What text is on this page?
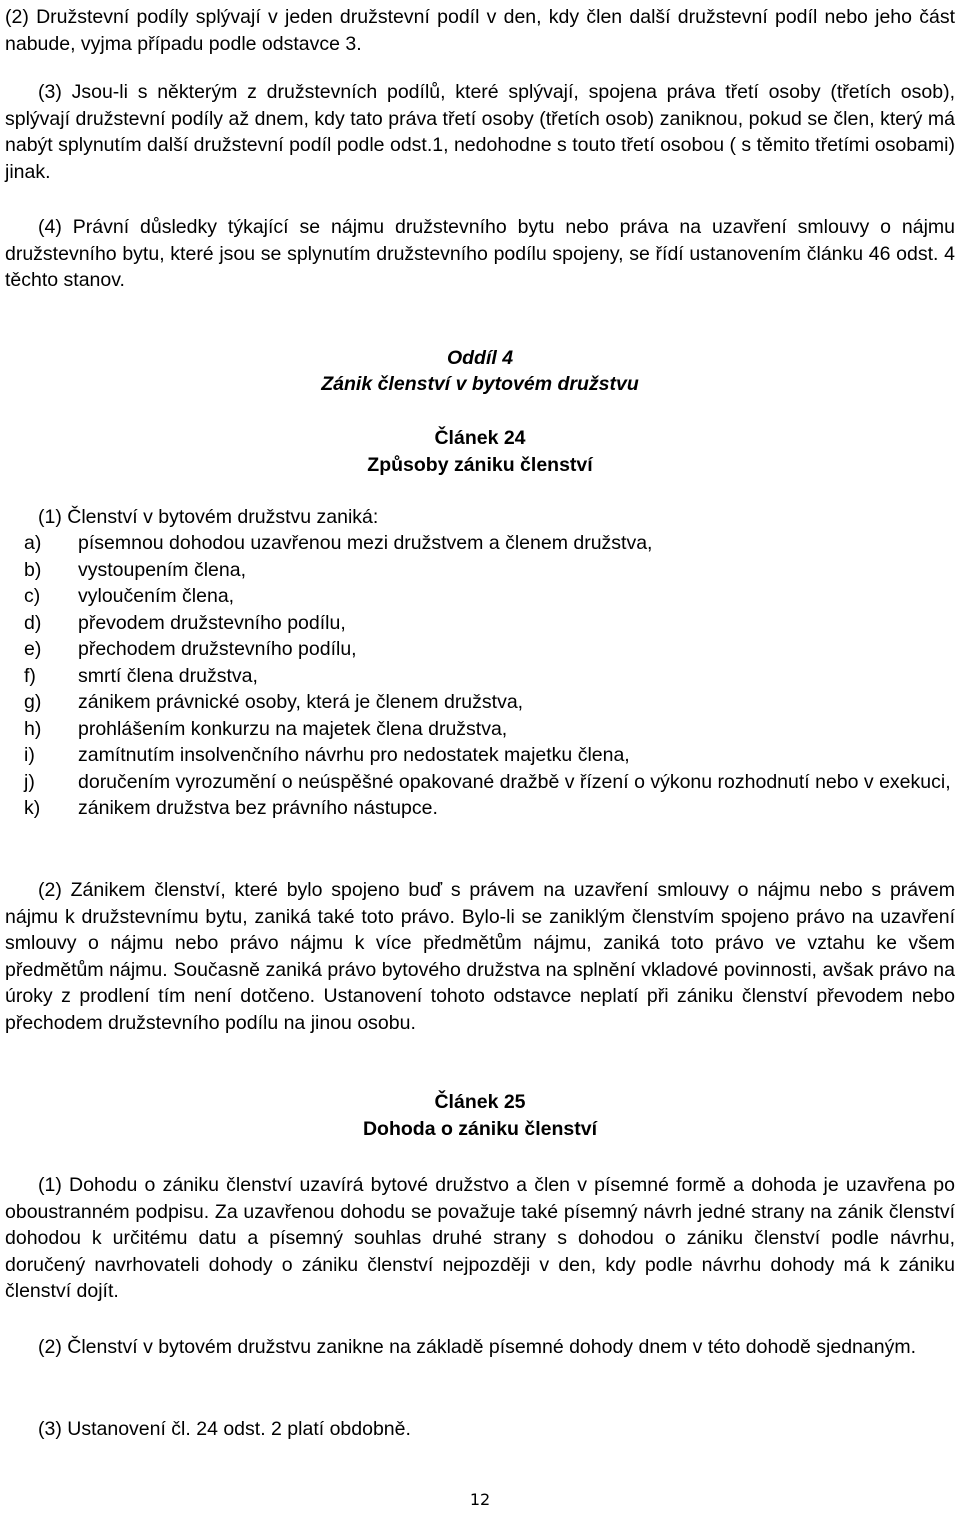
(2) Družstevní podíly splývají v jeden družstevní podíl v den, kdy člen další družstevní podíl nebo jeho část nabude, vyjma případu podle odstavce 3.

(3) Jsou-li s některým z družstevních podílů, které splývají, spojena práva třetí osoby (třetích osob), splývají družstevní podíly až dnem, kdy tato práva třetí osoby (třetích osob) zaniknou, pokud se člen, který má nabýt splynutím další družstevní podíl podle odst.1, nedohodne s touto třetí osobou ( s těmito třetími osobami) jinak.

(4) Právní důsledky týkající se nájmu družstevního bytu nebo práva na uzavření smlouvy o nájmu družstevního bytu, které jsou se splynutím družstevního podílu spojeny, se řídí ustanovením článku 46 odst. 4 těchto stanov.

Oddíl 4

Zánik členství v bytovém družstvu

Článek 24

Způsoby zániku členství

(1) Členství v bytovém družstvu zaniká:

a) písemnou dohodou uzavřenou mezi družstvem a členem družstva,
b) vystoupením člena,
c) vyloučením člena,
d) převodem družstevního podílu,
e) přechodem družstevního podílu,
f) smrtí člena družstva,
g) zánikem právnické osoby, která je členem družstva,
h) prohlášením konkurzu na majetek člena družstva,
i) zamítnutím insolvenčního návrhu pro nedostatek majetku člena,
j) doručením vyrozumění o neúspěšné opakované dražbě v řízení o výkonu rozhodnutí nebo v exekuci,
k) zánikem družstva bez právního nástupce.

(2) Zánikem členství, které bylo spojeno buď s právem na uzavření smlouvy o nájmu nebo s právem nájmu k družstevnímu bytu, zaniká také toto právo. Bylo-li se zaniklým členstvím spojeno právo na uzavření smlouvy o nájmu nebo právo nájmu k více předmětům nájmu, zaniká toto právo ve vztahu ke všem předmětům nájmu. Současně zaniká právo bytového družstva na splnění vkladové povinnosti, avšak právo na úroky z prodlení tím není dotčeno. Ustanovení tohoto odstavce neplatí při zániku členství převodem nebo přechodem družstevního podílu na jinou osobu.

Článek 25

Dohoda o zániku členství

(1) Dohodu o zániku členství uzavírá bytové družstvo a člen v písemné formě a dohoda je uzavřena po oboustranném podpisu. Za uzavřenou dohodu se považuje také písemný návrh jedné strany na zánik členství dohodou k určitému datu a písemný souhlas druhé strany s dohodou o zániku členství podle návrhu, doručený navrhovateli dohody o zániku členství nejpozději v den, kdy podle návrhu dohody má k zániku členství dojít.

(2) Členství v bytovém družstvu zanikne na základě písemné dohody dnem v této dohodě sjednaným.

(3) Ustanovení čl. 24 odst. 2 platí obdobně.

12
